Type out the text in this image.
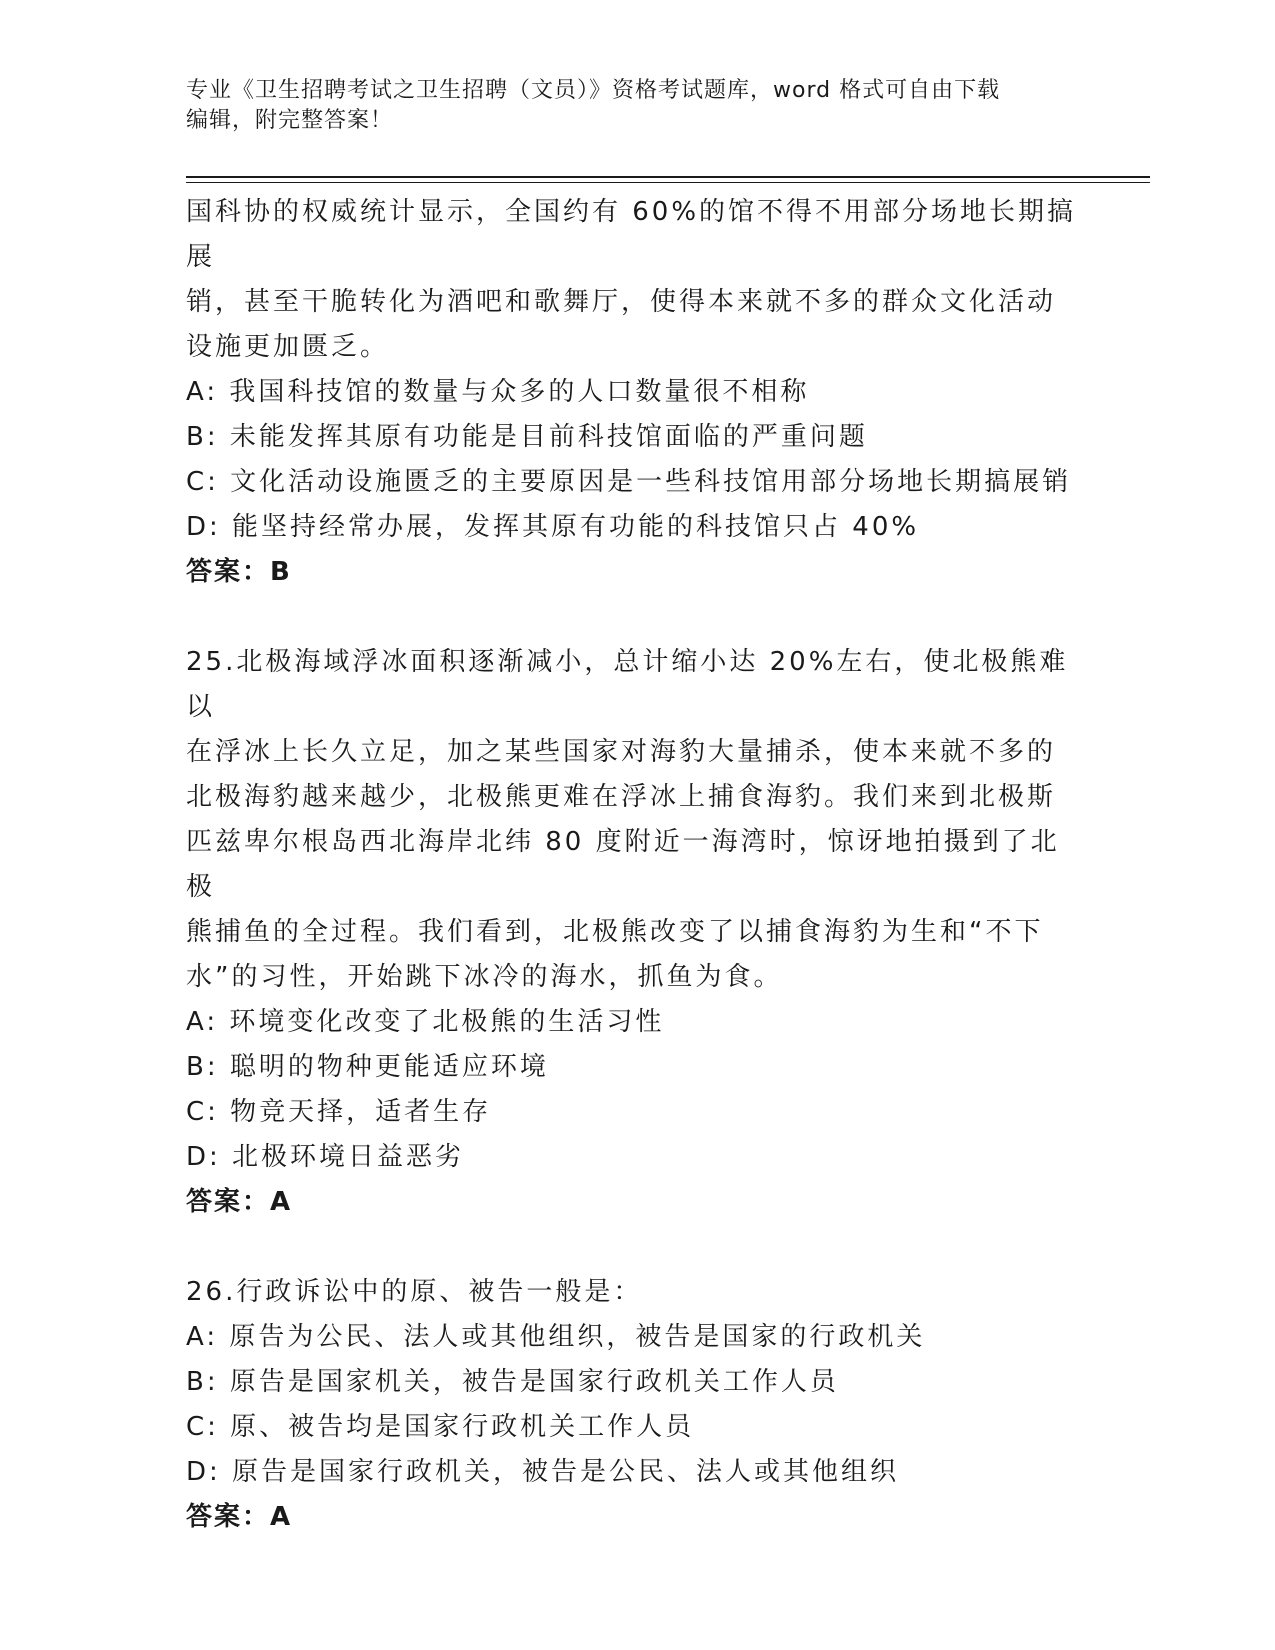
专业《卫生招聘考试之卫生招聘（文员）》资格考试题库，word 格式可自由下载
编辑，附完整答案！

国科协的权威统计显示，全国约有 60%的馆不得不用部分场地长期搞展

销，甚至干脆转化为酒吧和歌舞厅，使得本来就不多的群众文化活动

设施更加匮乏。

A: 我国科技馆的数量与众多的人口数量很不相称

B: 未能发挥其原有功能是目前科技馆面临的严重问题

C: 文化活动设施匮乏的主要原因是一些科技馆用部分场地长期搞展销

D: 能坚持经常办展，发挥其原有功能的科技馆只占 40%

答案：B

25.北极海域浮冰面积逐渐减小，总计缩小达 20%左右，使北极熊难以

在浮冰上长久立足，加之某些国家对海豹大量捕杀，使本来就不多的

北极海豹越来越少，北极熊更难在浮冰上捕食海豹。我们来到北极斯

匹兹卑尔根岛西北海岸北纬 80 度附近一海湾时，惊讶地拍摄到了北极

熊捕鱼的全过程。我们看到，北极熊改变了以捕食海豹为生和“不下

水”的习性，开始跳下冰冷的海水，抓鱼为食。

A: 环境变化改变了北极熊的生活习性

B: 聪明的物种更能适应环境

C: 物竞天择，适者生存

D: 北极环境日益恶劣

答案：A

26.行政诉讼中的原、被告一般是：

A: 原告为公民、法人或其他组织，被告是国家的行政机关

B: 原告是国家机关，被告是国家行政机关工作人员

C: 原、被告均是国家行政机关工作人员

D: 原告是国家行政机关，被告是公民、法人或其他组织

答案：A
